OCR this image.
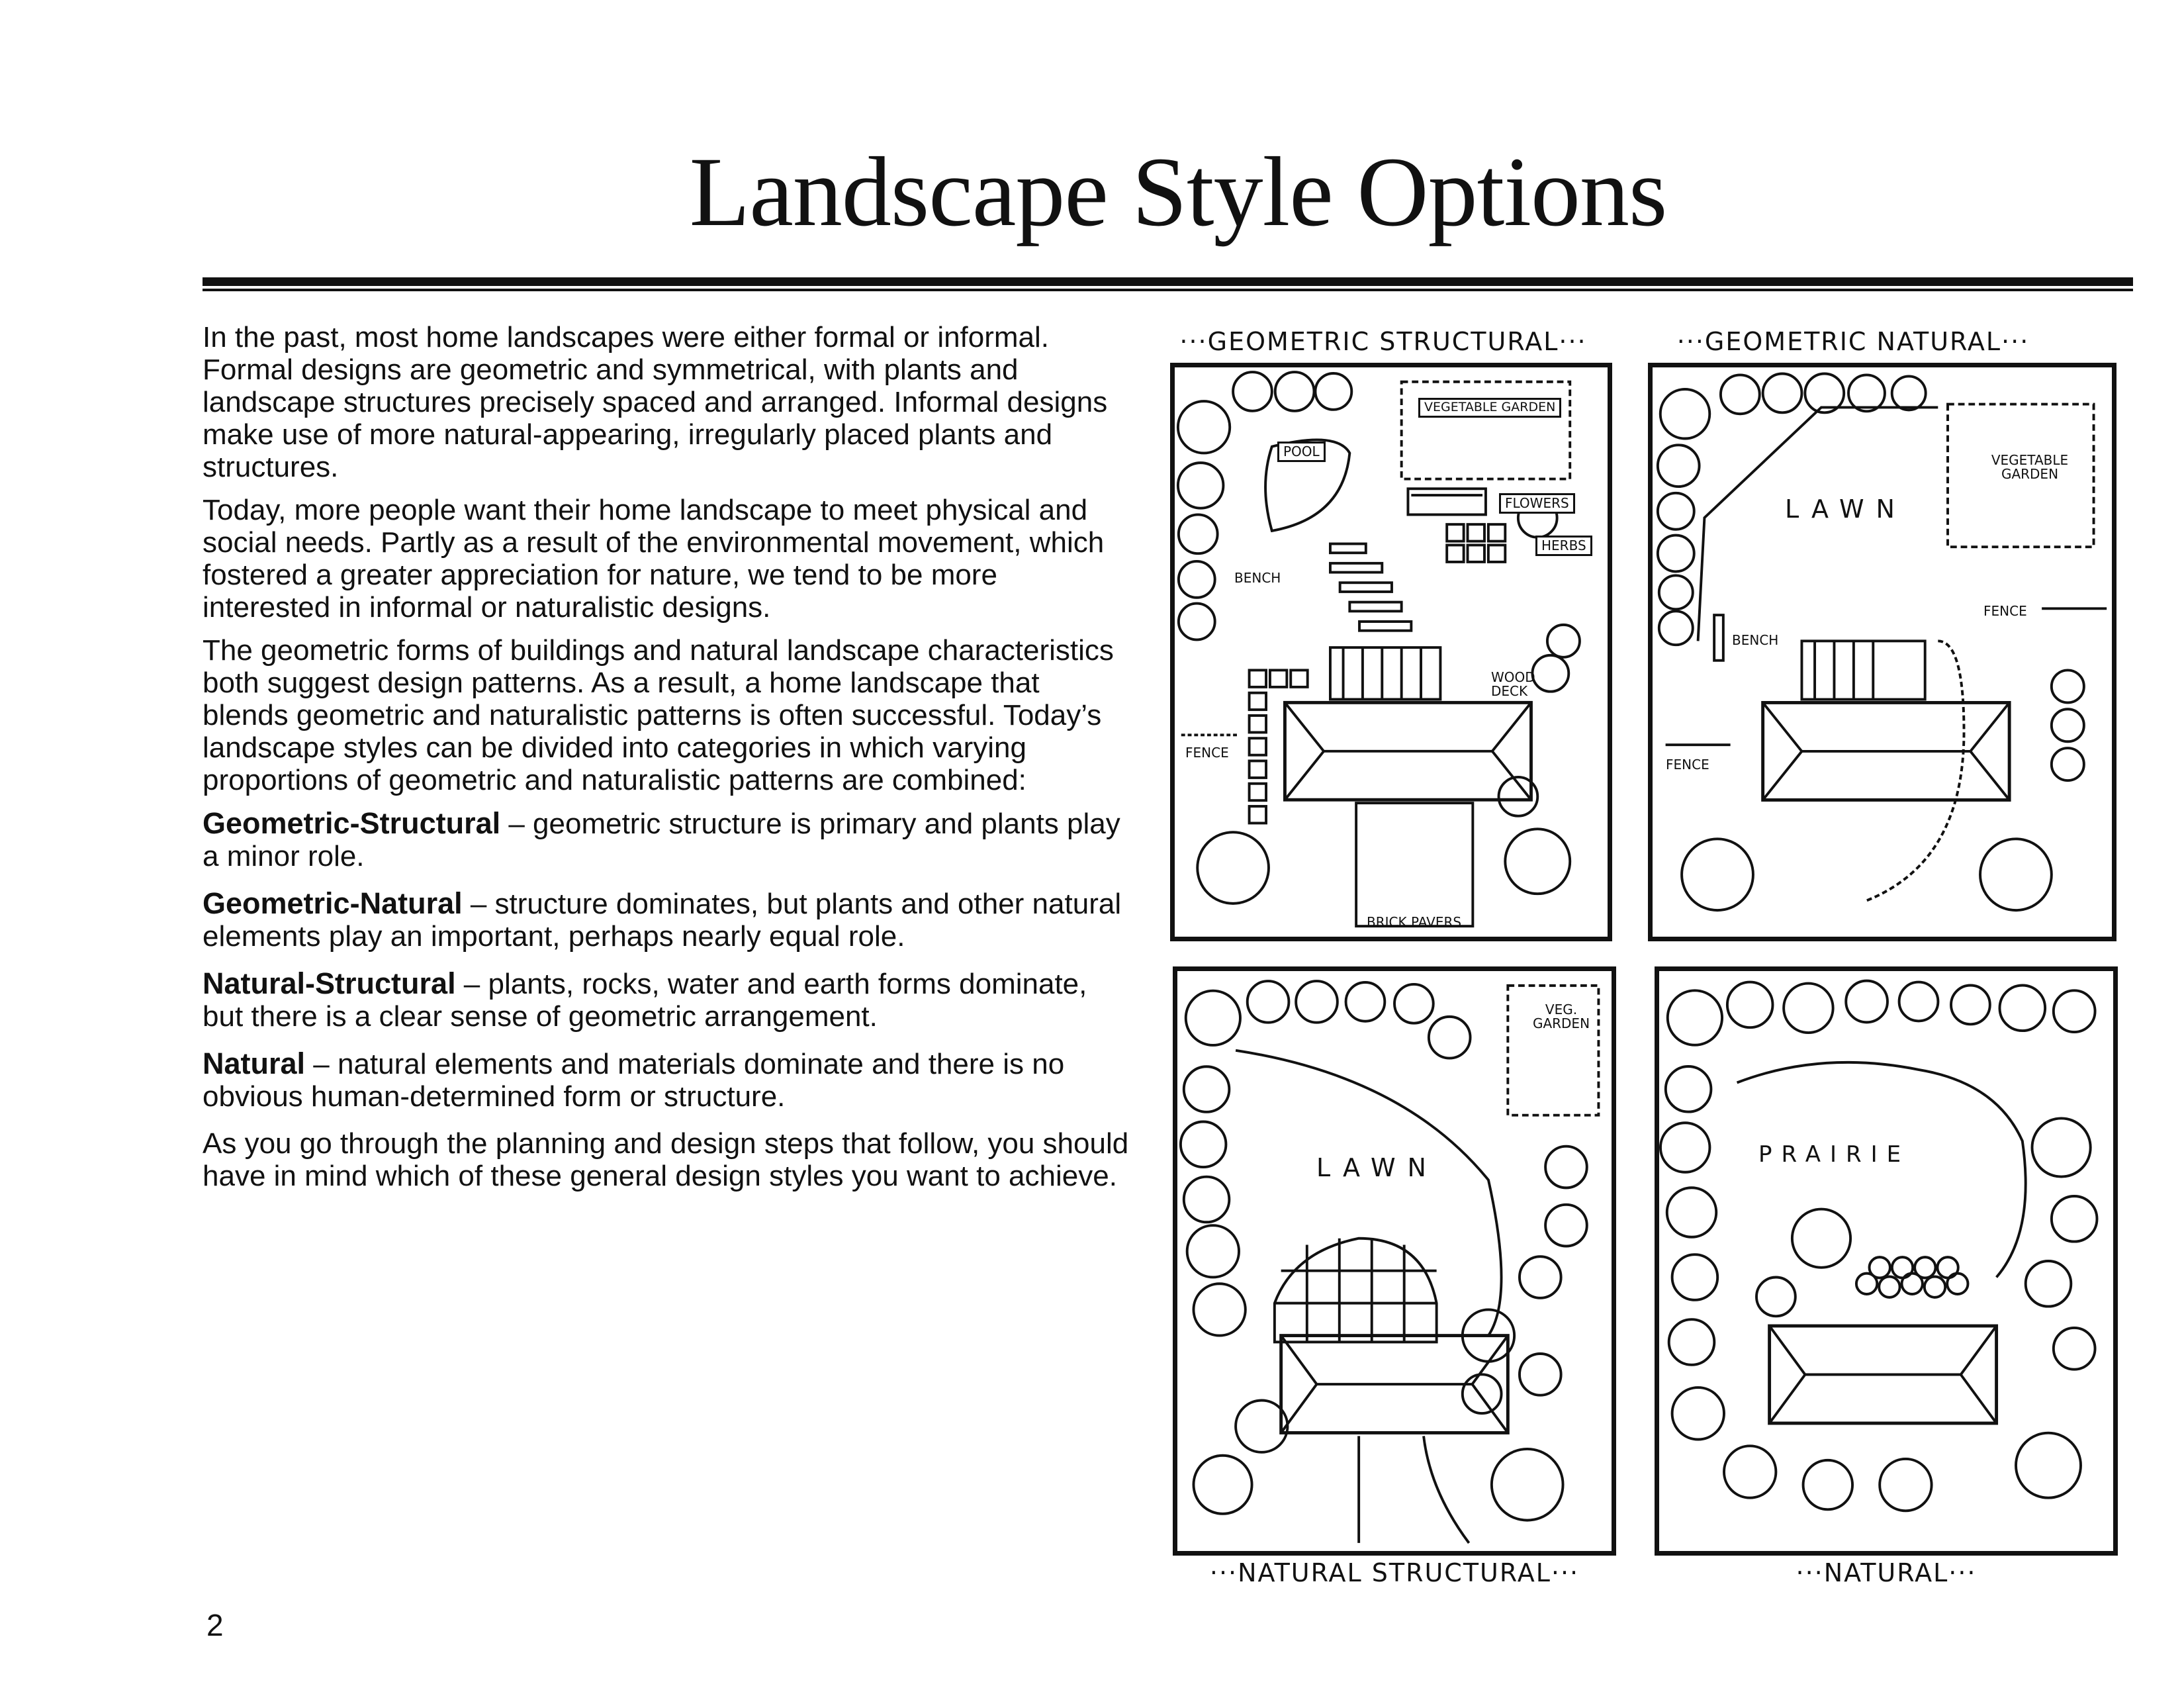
Landscape Style Options

In the past, most home landscapes were either formal or informal. Formal designs are geometric and symmetrical, with plants and landscape structures precisely spaced and arranged. Informal designs make use of more natural-appearing, irregularly placed plants and structures.

Today, more people want their home landscape to meet physical and social needs. Partly as a result of the environmental movement, which fostered a greater appreciation for nature, we tend to be more interested in informal or naturalistic designs.

The geometric forms of buildings and natural landscape characteristics both suggest design patterns. As a result, a home landscape that blends geometric and naturalistic patterns is often successful. Today’s landscape styles can be divided into categories in which varying proportions of geometric and naturalistic patterns are combined:

Geometric-Structural – geometric structure is primary and plants play a minor role.

Geometric-Natural – structure dominates, but plants and other natural elements play an important, perhaps nearly equal role.

Natural-Structural – plants, rocks, water and earth forms dominate, but there is a clear sense of geometric arrangement.

Natural – natural elements and materials dominate and there is no obvious human-determined form or structure.

As you go through the planning and design steps that follow, you should have in mind which of these general design styles you want to achieve.

2
···GEOMETRIC STRUCTURAL···
VEGETABLE GARDEN
POOL
FLOWERS
HERBS
BENCH
WOOD DECK
FENCE
BRICK PAVERS
···GEOMETRIC NATURAL···
LAWN
VEGETABLE GARDEN
FENCE
BENCH
FENCE
VEG. GARDEN
LAWN
···NATURAL STRUCTURAL···
PRAIRIE
···NATURAL···
